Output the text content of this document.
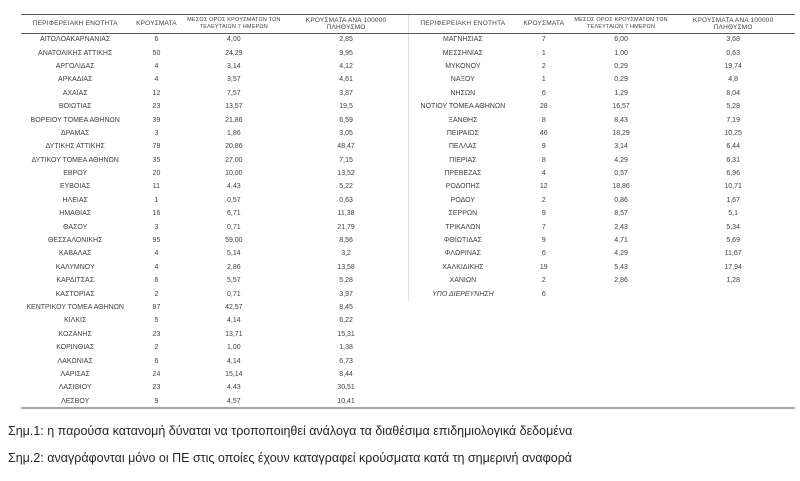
ΠΕΡΙΦΕΡΕΙΑΚΗ ΕΝΟΤΗΤΑ	ΚΡΟΥΣΜΑΤΑ	ΜΕΣΟΣ ΟΡΟΣ ΚΡΟΥΣΜΑΤΩΝ ΤΩΝ ΤΕΛΕΥΤΑΙΩΝ 7 ΗΜΕΡΩΝ	ΚΡΟΥΣΜΑΤΑ ΑΝΑ 100000 ΠΛΗΘΥΣΜΟ
ΑΙΤΩΛΟΑΚΑΡΝΑΝΙΑΣ	6	4,00	2,85
ΑΝΑΤΟΛΙΚΗΣ ΑΤΤΙΚΗΣ	50	24,29	9,95
ΑΡΓΟΛΙΔΑΣ	4	3,14	4,12
ΑΡΚΑΔΙΑΣ	4	3,57	4,61
ΑΧΑΪΑΣ	12	7,57	3,87
ΒΟΙΩΤΙΑΣ	23	13,57	19,5
ΒΟΡΕΙΟΥ ΤΟΜΕΑ ΑΘΗΝΩΝ	39	21,86	6,59
ΔΡΑΜΑΣ	3	1,86	3,05
ΔΥΤΙΚΗΣ ΑΤΤΙΚΗΣ	78	20,86	48,47
ΔΥΤΙΚΟΥ ΤΟΜΕΑ ΑΘΗΝΩΝ	35	27,00	7,15
ΕΒΡΟΥ	20	10,00	13,52
ΕΥΒΟΙΑΣ	11	4,43	5,22
ΗΛΕΙΑΣ	1	0,57	0,63
ΗΜΑΘΙΑΣ	16	6,71	11,38
ΘΑΣΟΥ	3	0,71	21,79
ΘΕΣΣΑΛΟΝΙΚΗΣ	95	59,00	8,56
ΚΑΒΑΛΑΣ	4	5,14	3,2
ΚΑΛΥΜΝΟΥ	4	2,86	13,58
ΚΑΡΔΙΤΣΑΣ	6	5,57	5,28
ΚΑΣΤΟΡΙΑΣ	2	0,71	3,97
ΚΕΝΤΡΙΚΟΥ ΤΟΜΕΑ ΑΘΗΝΩΝ	87	42,57	8,45
ΚΙΛΚΙΣ	5	4,14	6,22
ΚΟΖΑΝΗΣ	23	13,71	15,31
ΚΟΡΙΝΘΙΑΣ	2	1,00	1,38
ΛΑΚΩΝΙΑΣ	6	4,14	6,73
ΛΑΡΙΣΑΣ	24	15,14	8,44
ΛΑΣΙΘΙΟΥ	23	4,43	30,51
ΛΕΣΒΟΥ	9	4,57	10,41
ΠΕΡΙΦΕΡΕΙΑΚΗ ΕΝΟΤΗΤΑ	ΚΡΟΥΣΜΑΤΑ	ΜΕΣΟΣ ΟΡΟΣ ΚΡΟΥΣΜΑΤΩΝ ΤΩΝ ΤΕΛΕΥΤΑΙΩΝ 7 ΗΜΕΡΩΝ	ΚΡΟΥΣΜΑΤΑ ΑΝΑ 100000 ΠΛΗΘΥΣΜΟ
ΜΑΓΝΗΣΙΑΣ	7	6,00	3,68
ΜΕΣΣΗΝΙΑΣ	1	1,00	0,63
ΜΥΚΟΝΟΥ	2	0,29	19,74
ΝΑΞΟΥ	1	0,29	4,8
ΝΗΣΩΝ	6	1,29	8,04
ΝΟΤΙΟΥ ΤΟΜΕΑ ΑΘΗΝΩΝ	28	16,57	5,28
ΞΑΝΘΗΣ	8	8,43	7,19
ΠΕΙΡΑΙΩΣ	46	18,29	10,25
ΠΕΛΛΑΣ	9	3,14	6,44
ΠΙΕΡΙΑΣ	8	4,29	6,31
ΠΡΕΒΕΖΑΣ	4	0,57	6,96
ΡΟΔΟΠΗΣ	12	18,86	10,71
ΡΟΔΟΥ	2	0,86	1,67
ΣΕΡΡΩΝ	9	8,57	5,1
ΤΡΙΚΑΛΩΝ	7	2,43	5,34
ΦΘΙΩΤΙΔΑΣ	9	4,71	5,69
ΦΛΩΡΙΝΑΣ	6	4,29	11,67
ΧΑΛΚΙΔΙΚΗΣ	19	5,43	17,94
ΧΑΝΙΩΝ	2	2,86	1,28
ΥΠΟ ΔΙΕΡΕΥΝΗΣΗ	6		

Σημ.1: η παρούσα κατανομή δύναται να τροποποιηθεί ανάλογα τα διαθέσιμα επιδημιολογικά δεδομένα

Σημ.2: αναγράφονται μόνο οι ΠΕ στις οποίες έχουν καταγραφεί κρούσματα κατά τη σημερινή αναφορά
